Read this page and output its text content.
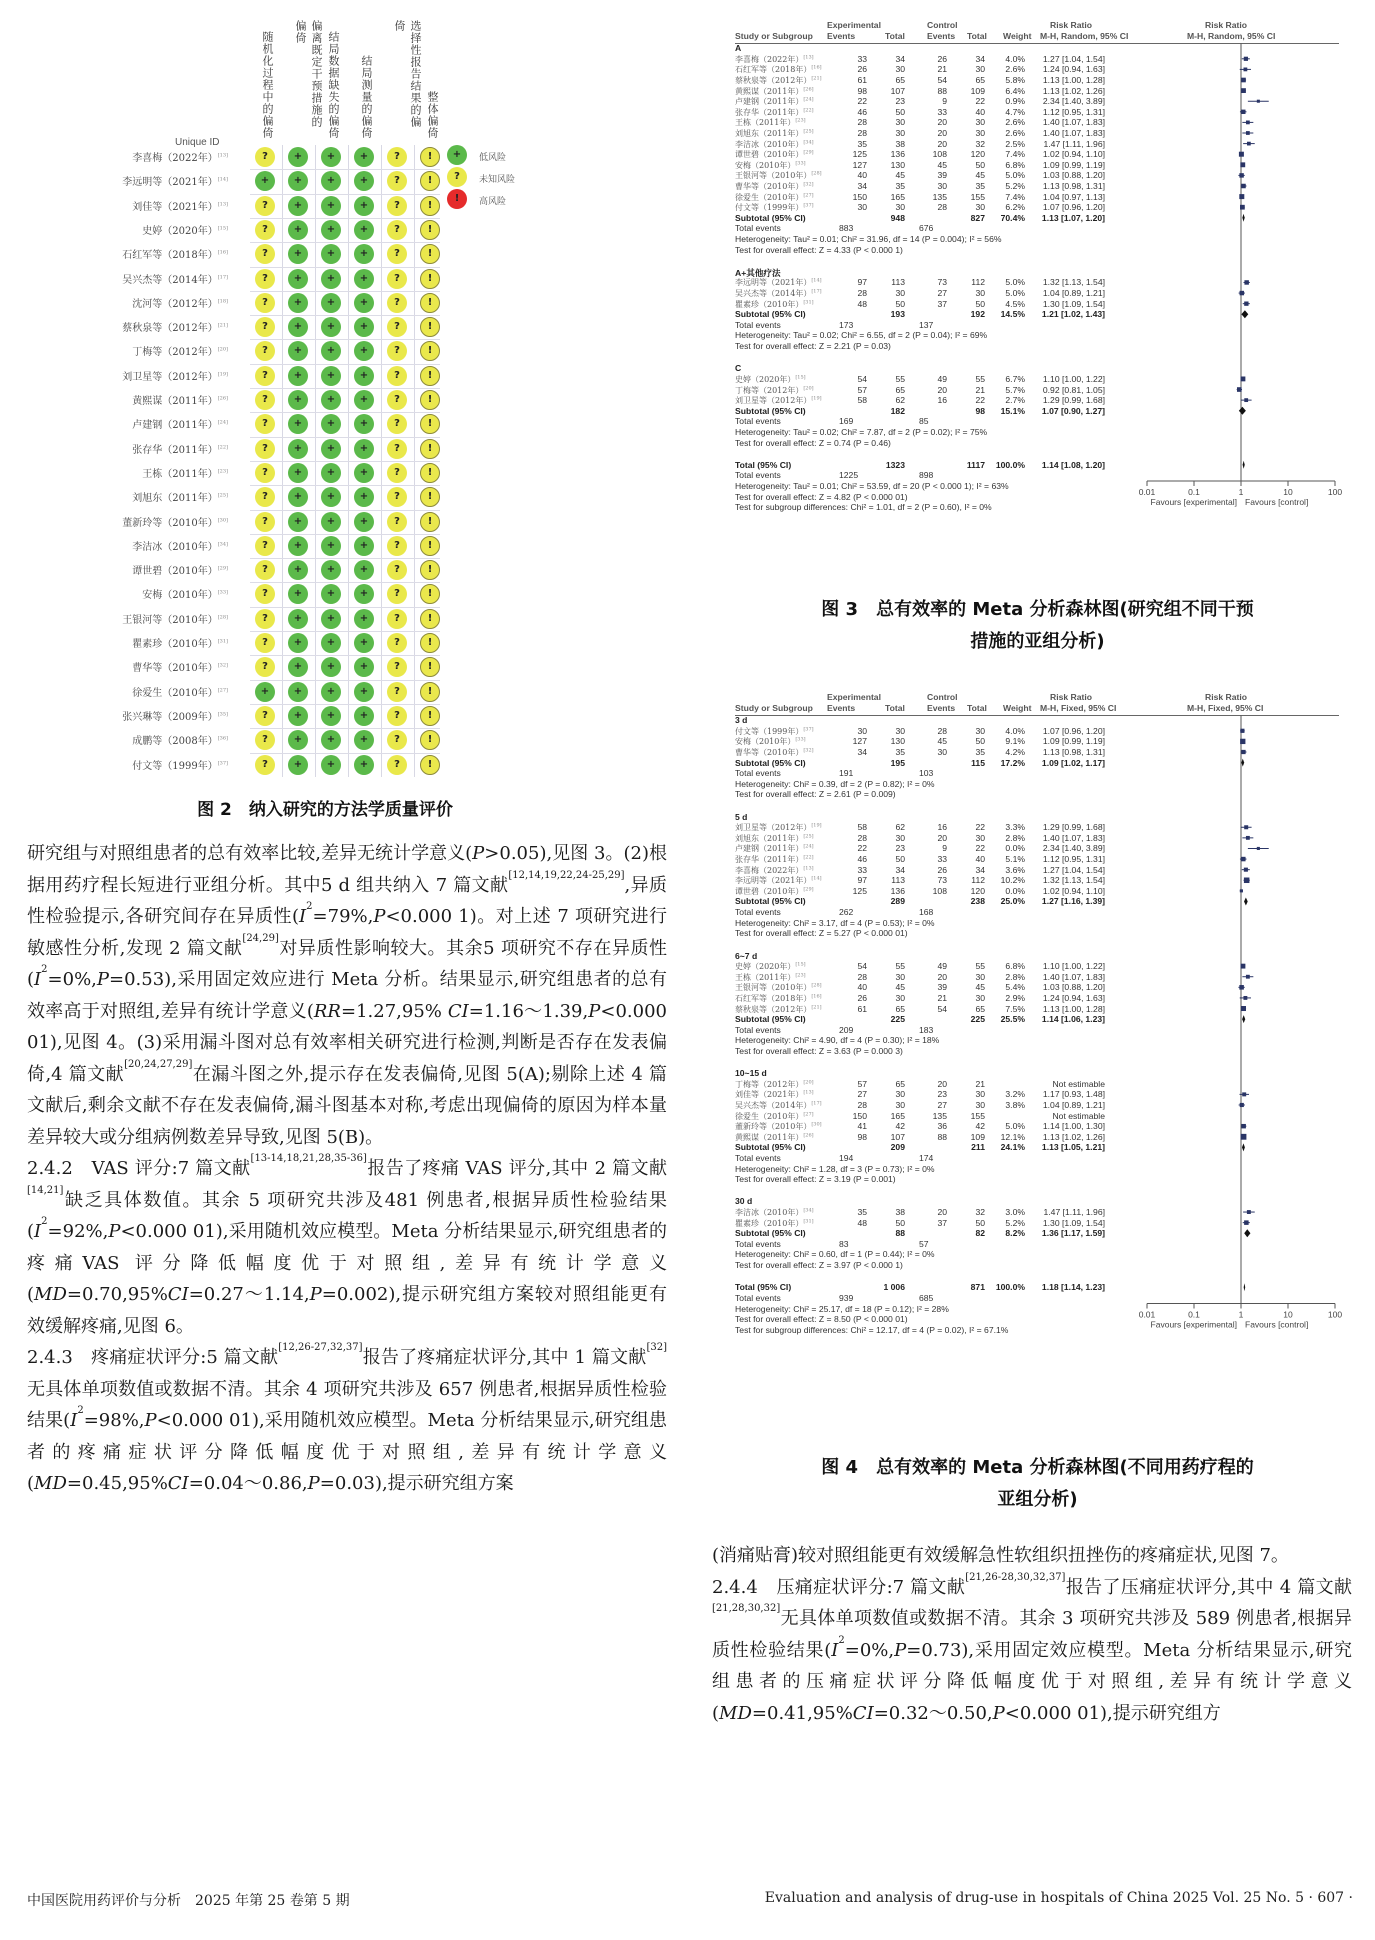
随机化过程中的偏倚	偏离既定干预措施的偏倚	结局数据缺失的偏倚 结局测量的偏倚	选择性报告结果的偏倚
整体偏倚
Unique ID
李喜梅（2022年）[13]	?	+	+	+	?	!
李远明等（2021年）[14]	+	+	+	+	?	!
刘佳等（2021年）[13]	?	+	+	+	?	!
史婷（2020年）[15]	?	+	+	+	?	!
石红军等（2018年）[16]	?	+	+	+	?	!
吴兴杰等（2014年）[17]	?	+	+	+	?	!
沈河等（2012年）[18]	?	+	+	+	?	!
蔡秋泉等（2012年）[21]	?	+	+	+	?	!
丁梅等（2012年）[20]	?	+	+	+	?	!
刘卫星等（2012年）[19]	?	+	+	+	?	!
黄熙谋（2011年）[26]	?	+	+	+	?	!
卢建钢（2011年）[24]	?	+	+	+	?	!
张存华（2011年）[22]	?	+	+	+	?	!
王栋（2011年）[23]	?	+	+	+	?	!
刘旭东（2011年）[25]	?	+	+	+	?	!
董新玲等（2010年）[30]	?	+	+	+	?	!
李洁冰（2010年）[34]	?	+	+	+	?	!
谭世碧（2010年）[29]	?	+	+	+	?	!
安梅（2010年）[33]	?	+	+	+	?	!
王银河等（2010年）[28]	?	+	+	+	?	!
瞿素珍（2010年）[31]	?	+	+	+	?	!
曹华等（2010年）[32]	?	+	+	+	?	!
徐爱生（2010年）[27]	+	+	+	+	?	!
张兴琳等（2009年）[35]	?	+	+	+	?	!
成鹏等（2008年）[36]	?	+	+	+	?	!
付文等（1999年）[37]	?	+	+	+	?	!
+	低风险
?	未知风险
!	高风险
图 2　纳入研究的方法学质量评价
Experimental	Control	Risk Ratio	Risk Ratio
Study or Subgroup Events	Total	Events Total Weight M-H, Random, 95% CI	M-H, Random, 95% CI
A
李喜梅（2022年）[13]	33	34	26	34	4.0%	1.27 [1.04, 1.54]
石红军等（2018年）[16]	26	30	21	30	2.6%	1.24 [0.94, 1.63]
蔡秋泉等（2012年）[21]	61	65	54	65	5.8%	1.13 [1.00, 1.28]
黄熙谋（2011年）[26]	98	107	88	109	6.4%	1.13 [1.02, 1.26]
卢建钢（2011年）[24]	22	23	9	22	0.9%	2.34 [1.40, 3.89]
张存华（2011年）[22]	46	50	33	40	4.7%	1.12 [0.95, 1.31]
王栋（2011年）[23]	28	30	20	30	2.6%	1.40 [1.07, 1.83]
刘旭东（2011年）[25]	28	30	20	30	2.6%	1.40 [1.07, 1.83]
李洁冰（2010年）[34]	35	38	20	32	2.5%	1.47 [1.11, 1.96]
谭世碧（2010年）[29]	125	136	108	120	7.4%	1.02 [0.94, 1.10]
安梅（2010年）[33]	127	130	45	50	6.8%	1.09 [0.99, 1.19]
王银河等（2010年）[28]	40	45	39	45	5.0%	1.03 [0.88, 1.20]
曹华等（2010年）[32]	34	35	30	35	5.2%	1.13 [0.98, 1.31]
徐爱生（2010年）[27]	150	165	135	155	7.4%	1.04 [0.97, 1.13]
付文等（1999年）[37]	30	30	28	30	6.2%	1.07 [0.96, 1.20]
Subtotal (95% CI)	948	827	70.4%	1.13 [1.07, 1.20]
Total events	883	676
Heterogeneity: Tau² = 0.01; Chi² = 31.96, df = 14 (P = 0.004); I² = 56%
Test for overall effect: Z = 4.33 (P < 0.000 1)
A+其他疗法
李远明等（2021年）[14]	97	113	73	112	5.0%	1.32 [1.13, 1.54]
吴兴杰等（2014年）[17]	28	30	27	30	5.0%	1.04 [0.89, 1.21]
瞿素珍（2010年）[31]	48	50	37	50	4.5%	1.30 [1.09, 1.54]
Subtotal (95% CI)	193	192	14.5%	1.21 [1.02, 1.43]
Total events	173	137
Heterogeneity: Tau² = 0.02; Chi² = 6.55, df = 2 (P = 0.04); I² = 69%
Test for overall effect: Z = 2.21 (P = 0.03)
C
史婷（2020年）[15]	54	55	49	55	6.7%	1.10 [1.00, 1.22]
丁梅等（2012年）[20]	57	65	20	21	5.7%	0.92 [0.81, 1.05]
刘卫星等（2012年）[19]	58	62	16	22	2.7%	1.29 [0.99, 1.68]
Subtotal (95% CI)	182	98	15.1%	1.07 [0.90, 1.27]
Total events	169	85
Heterogeneity: Tau² = 0.02; Chi² = 7.87, df = 2 (P = 0.02); I² = 75%
Test for overall effect: Z = 0.74 (P = 0.46)
Total (95% CI)	1323	1117 100.0%	1.14 [1.08, 1.20]
Total events	1225	898
Heterogeneity: Tau² = 0.01; Chi² = 53.59, df = 20 (P < 0.000 1); I² = 63%
Test for overall effect: Z = 4.82 (P < 0.000 01)
Test for subgroup differences: Chi² = 1.01, df = 2 (P = 0.60), I² = 0%
0.01	0.1	1	10	100
Favours [experimental] Favours [control]
图 3　总有效率的 Meta 分析森林图(研究组不同干预
措施的亚组分析)
Experimental	Control	Risk Ratio	Risk Ratio
Study or Subgroup Events	Total	Events Total Weight M-H, Fixed, 95% CI	M-H, Fixed, 95% CI
3 d
付文等（1999年）[37]	30	30	28	30	4.0%	1.07 [0.96, 1.20]
安梅（2010年）[33]	127	130	45	50	9.1%	1.09 [0.99, 1.19]
曹华等（2010年）[32]	34	35	30	35	4.2%	1.13 [0.98, 1.31]
Subtotal (95% CI)	195	115	17.2%	1.09 [1.02, 1.17]
Total events	191	103
Heterogeneity: Chi² = 0.39, df = 2 (P = 0.82); I² = 0%
Test for overall effect: Z = 2.61 (P = 0.009)
5 d
刘卫星等（2012年）[19]	58	62	16	22	3.3%	1.29 [0.99, 1.68]
刘旭东（2011年）[25]	28	30	20	30	2.8%	1.40 [1.07, 1.83]
卢建钢（2011年）[24]	22	23	9	22	0.0%	2.34 [1.40, 3.89]
张存华（2011年）[22]	46	50	33	40	5.1%	1.12 [0.95, 1.31]
李喜梅（2022年）[13]	33	34	26	34	3.6%	1.27 [1.04, 1.54]
李远明等（2021年）[14]	97	113	73	112	10.2%	1.32 [1.13, 1.54]
谭世碧（2010年）[29]	125	136	108	120	0.0%	1.02 [0.94, 1.10]
Subtotal (95% CI)	289	238	25.0%	1.27 [1.16, 1.39]
Total events	262	168
Heterogeneity: Chi² = 3.17, df = 4 (P = 0.53); I² = 0%
Test for overall effect: Z = 5.27 (P < 0.000 01)
6~7 d
史婷（2020年）[15]	54	55	49	55	6.8%	1.10 [1.00, 1.22]
王栋（2011年）[23]	28	30	20	30	2.8%	1.40 [1.07, 1.83]
王银河等（2010年）[28]	40	45	39	45	5.4%	1.03 [0.88, 1.20]
石红军等（2018年）[16]	26	30	21	30	2.9%	1.24 [0.94, 1.63]
蔡秋泉等（2012年）[21]	61	65	54	65	7.5%	1.13 [1.00, 1.28]
Subtotal (95% CI)	225	225	25.5%	1.14 [1.06, 1.23]
Total events	209	183
Heterogeneity: Chi² = 4.90, df = 4 (P = 0.30); I² = 18%
Test for overall effect: Z = 3.63 (P = 0.000 3)
10~15 d
丁梅等（2012年）[20]	57	65	20	21	Not estimable
刘佳等（2021年）[13]	27	30	23	30	3.2%	1.17 [0.93, 1.48]
吴兴杰等（2014年）[17]	28	30	27	30	3.8%	1.04 [0.89, 1.21]
徐爱生（2010年）[27]	150	165	135	155	Not estimable
董新玲等（2010年）[30]	41	42	36	42	5.0%	1.14 [1.00, 1.30]
黄熙谋（2011年）[26]	98	107	88	109	12.1%	1.13 [1.02, 1.26]
Subtotal (95% CI)	209	211	24.1%	1.13 [1.05, 1.21]
Total events	194	174
Heterogeneity: Chi² = 1.28, df = 3 (P = 0.73); I² = 0%
Test for overall effect: Z = 3.19 (P = 0.001)
30 d
李洁冰（2010年）[34]	35	38	20	32	3.0%	1.47 [1.11, 1.96]
瞿素珍（2010年）[31]	48	50	37	50	5.2%	1.30 [1.09, 1.54]
Subtotal (95% CI)	88	82	8.2%	1.36 [1.17, 1.59]
Total events	83	57
Heterogeneity: Chi² = 0.60, df = 1 (P = 0.44); I² = 0%
Test for overall effect: Z = 3.97 (P < 0.000 1)
Total (95% CI)	1 006	871 100.0%	1.18 [1.14, 1.23]
Total events	939	685
Heterogeneity: Chi² = 25.17, df = 18 (P = 0.12); I² = 28%
Test for overall effect: Z = 8.50 (P < 0.000 01)
Test for subgroup differences: Chi² = 12.17, df = 4 (P = 0.02), I² = 67.1%
0.01	0.1	1	10	100
Favours [experimental] Favours [control]
图 4　总有效率的 Meta 分析森林图(不同用药疗程的
亚组分析)
研究组与对照组患者的总有效率比较,差异无统计学意义(P>0.05),见图 3。(2)根据用药疗程长短进行亚组分析。其中5 d 组共纳入 7 篇文献[12,14,19,22,24-25,29],异质性检验提示,各研究间存在异质性($I^2=79\%,P<0.000$ 1)。对上述 7 项研究进行敏感性分析,发现 2 篇文献[24,29]对异质性影响较大。其余5 项研究不存在异质性$(I^2=0\%,P=0.53)$,采用固定效应进行 Meta 分析。结果显示,研究组患者的总有效率高于对照组,差异有统计学意义(RR=1.27,95% CI=1.16～1.39,P<0.000 01),见图 4。(3)采用漏斗图对总有效率相关研究进行检测,判断是否存在发表偏倚,4 篇文献[20,24,27,29]在漏斗图之外,提示存在发表偏倚,见图 5(A);剔除上述 4 篇文献后,剩余文献不存在发表偏倚,漏斗图基本对称,考虑出现偏倚的原因为样本量差异较大或分组病例数差异导致,见图 5(B)。
2.4.2　VAS 评分:7 篇文献[13-14,18,21,28,35-36]报告了疼痛 VAS 评分,其中 2 篇文献[14,21]缺乏具体数值。其余 5 项研究共涉及481 例患者,根据异质性检验结果($I^2=92\%,P<0.000$ 01),采用随机效应模型。Meta 分析结果显示,研究组患者的疼痛VAS 评分降低幅度优于对照组,差异有统计学意义(MD=0.70,95%CI=0.27～1.14,P=0.002),提示研究组方案较对照组能更有效缓解疼痛,见图 6。
2.4.3　疼痛症状评分:5 篇文献[12,26-27,32,37]报告了疼痛症状评分,其中 1 篇文献[32]无具体单项数值或数据不清。其余 4 项研究共涉及 657 例患者,根据异质性检验结果($I^2=98\%,P<0.000$ 01),采用随机效应模型。Meta 分析结果显示,研究组患者的疼痛症状评分降低幅度优于对照组,差异有统计学意义(MD=0.45,95%CI=0.04～0.86,P=0.03),提示研究组方案
(消痛贴膏)较对照组能更有效缓解急性软组织扭挫伤的疼痛症状,见图 7。
2.4.4　压痛症状评分:7 篇文献[21,26-28,30,32,37]报告了压痛症状评分,其中 4 篇文献[21,28,30,32]无具体单项数值或数据不清。其余 3 项研究共涉及 589 例患者,根据异质性检验结果$(I^2=0\%,P=0.73)$,采用固定效应模型。Meta 分析结果显示,研究组患者的压痛症状评分降低幅度优于对照组,差异有统计学意义(MD=0.41,95%CI=0.32～0.50,P<0.000 01),提示研究组方
中国医院用药评价与分析　2025 年第 25 卷第 5 期	Evaluation and analysis of drug-use in hospitals of China 2025 Vol. 25 No. 5 · 607 ·
